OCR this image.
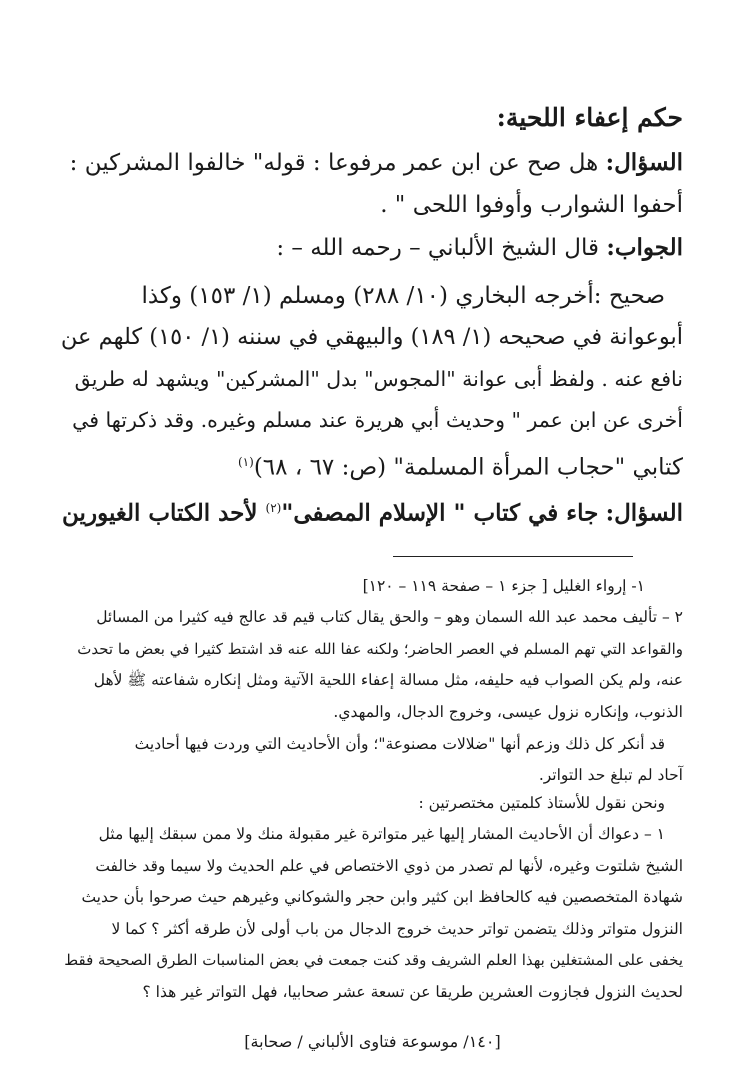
حكم إعفاء اللحية:
السؤال: هل صح عن ابن عمر مرفوعا : قوله" خالفوا المشركين :
أحفوا الشوارب وأوفوا اللحى " .
الجواب: قال الشيخ الألباني – رحمه الله – :
صحيح :أخرجه البخاري (١٠/ ٢٨٨) ومسلم (١/ ١٥٣) وكذا
أبوعوانة في صحيحه (١/ ١٨٩) والبيهقي في سننه (١/ ١٥٠) كلهم عن
نافع عنه . ولفظ أبى عوانة "المجوس" بدل "المشركين" ويشهد له طريق
أخرى عن ابن عمر " وحديث أبي هريرة عند مسلم وغيره. وقد ذكرتها في
كتابي "حجاب المرأة المسلمة" (ص: ٦٧ ، ٦٨)$^{(١)}$
السؤال: جاء في كتاب " الإسلام المصفى"$^{(٢)}$ لأحد الكتاب الغيورين
١- إرواء الغليل [ جزء ١ – صفحة ١١٩ – ١٢٠]
٢ – تأليف محمد عبد الله السمان وهو – والحق يقال كتاب قيم قد عالج فيه كثيرا من المسائل
والقواعد التي تهم المسلم في العصر الحاضر؛ ولكنه عفا الله عنه قد اشتط كثيرا في بعض ما تحدث
عنه، ولم يكن الصواب فيه حليفه، مثل مسالة إعفاء اللحية الآتية ومثل إنكاره شفاعته ﷺ لأهل
الذنوب، وإنكاره نزول عيسى، وخروج الدجال، والمهدي.
قد أنكر كل ذلك وزعم أنها "ضلالات مصنوعة"؛ وأن الأحاديث التي وردت فيها أحاديث
آحاد لم تبلغ حد التواتر.
ونحن نقول للأستاذ كلمتين مختصرتين :
١ – دعواك أن الأحاديث المشار إليها غير متواترة غير مقبولة منك ولا ممن سبقك إليها مثل
الشيخ شلتوت وغيره، لأنها لم تصدر من ذوي الاختصاص في علم الحديث ولا سيما وقد خالفت
شهادة المتخصصين فيه كالحافظ ابن كثير وابن حجر والشوكاني وغيرهم حيث صرحوا بأن حديث
النزول متواتر وذلك يتضمن تواتر حديث خروج الدجال من باب أولى لأن طرقه أكثر ؟ كما لا
يخفى على المشتغلين بهذا العلم الشريف وقد كنت جمعت في بعض المناسبات الطرق الصحيحة فقط
لحديث النزول فجازوت العشرين طريقا عن تسعة عشر صحابيا، فهل التواتر غير هذا ؟
[١٤٠/ موسوعة فتاوى الألباني / صحابة]
